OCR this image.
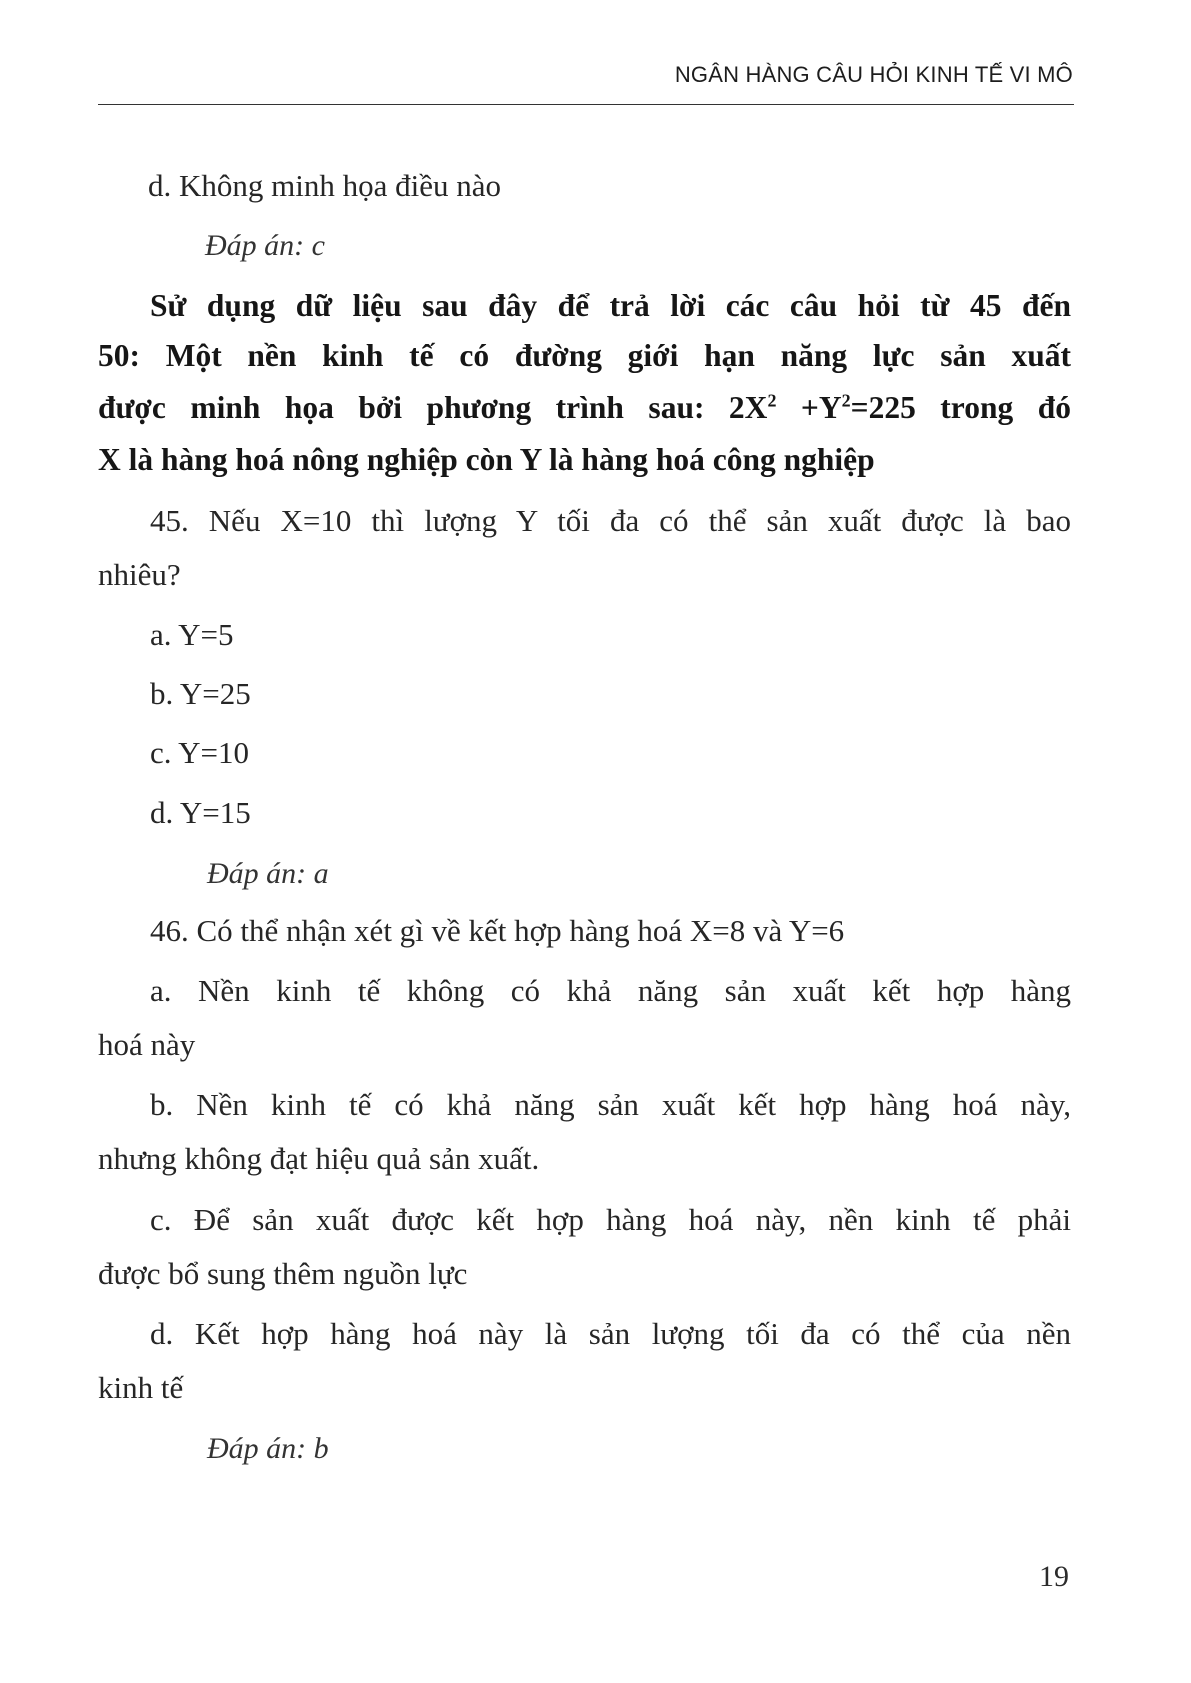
NGÂN HÀNG CÂU HỎI KINH TẾ VI MÔ
d. Không minh họa điều nào
Đáp án: c
Sử dụng dữ liệu sau đây để trả lời các câu hỏi từ 45 đến
50: Một nền kinh tế có đường giới hạn năng lực sản xuất
được minh họa bởi phương trình sau: $2X^2 +Y^2=225$ trong đó
X là hàng hoá nông nghiệp còn Y là hàng hoá công nghiệp
45. Nếu X=10 thì lượng Y tối đa có thể sản xuất được là bao
nhiêu?
a. Y=5
b. Y=25
c. Y=10
d. Y=15
Đáp án: a
46. Có thể nhận xét gì về kết hợp hàng hoá X=8 và Y=6
a. Nền kinh tế không có khả năng sản xuất kết hợp hàng
hoá này
b. Nền kinh tế có khả năng sản xuất kết hợp hàng hoá này,
nhưng không đạt hiệu quả sản xuất.
c. Để sản xuất được kết hợp hàng hoá này, nền kinh tế phải
được bổ sung thêm nguồn lực
d. Kết hợp hàng hoá này là sản lượng tối đa có thể của nền
kinh tế
Đáp án: b
19
